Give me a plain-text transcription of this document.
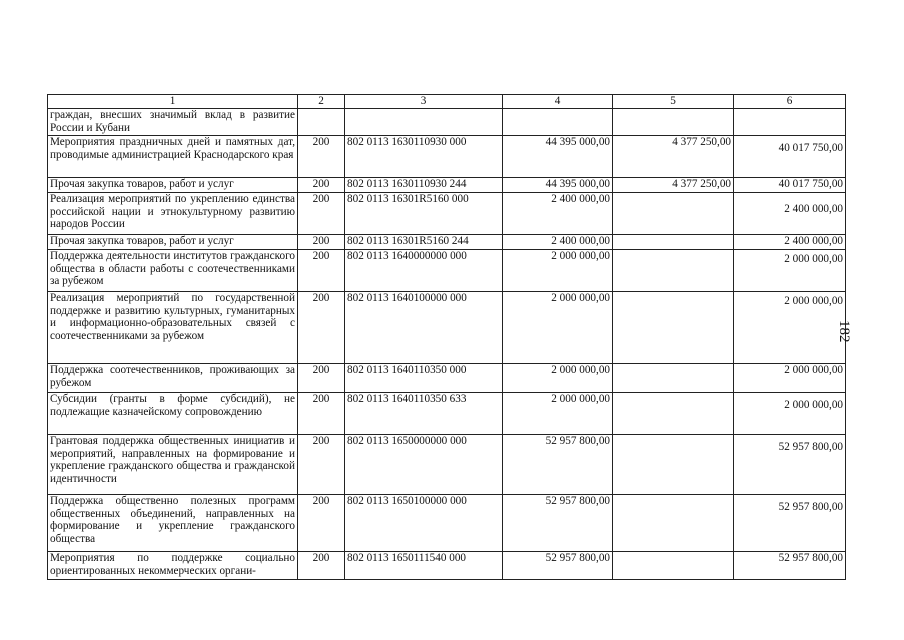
1	2	3	4	5	6
граждан, внесших значимый вклад в развитие России и Кубани					
Мероприятия праздничных дней и памятных дат, проводимые администрацией Краснодарского края	200	802 0113 1630110930 000	44 395 000,00	4 377 250,00	40 017 750,00
Прочая закупка товаров, работ и услуг	200	802 0113 1630110930 244	44 395 000,00	4 377 250,00	40 017 750,00
Реализация мероприятий по укреплению единства российской нации и этнокультурному развитию народов России	200	802 0113 16301R5160 000	2 400 000,00		2 400 000,00
Прочая закупка товаров, работ и услуг	200	802 0113 16301R5160 244	2 400 000,00		2 400 000,00
Поддержка деятельности институтов гражданского общества в области работы с соотечественниками за рубежом	200	802 0113 1640000000 000	2 000 000,00		2 000 000,00
Реализация мероприятий по государственной поддержке и развитию культурных, гуманитарных и информационно-образовательных связей с соотечественниками за рубежом	200	802 0113 1640100000 000	2 000 000,00		2 000 000,00
Поддержка соотечественников, проживающих за рубежом	200	802 0113 1640110350 000	2 000 000,00		2 000 000,00
Субсидии (гранты в форме субсидий), не подлежащие казначейскому сопровождению	200	802 0113 1640110350 633	2 000 000,00		2 000 000,00
Грантовая поддержка общественных инициатив и мероприятий, направленных на формирование и укрепление гражданского общества и гражданской идентичности	200	802 0113 1650000000 000	52 957 800,00		52 957 800,00
Поддержка общественно полезных программ общественных объединений, направленных на формирование и укрепление гражданского общества	200	802 0113 1650100000 000	52 957 800,00		52 957 800,00
Мероприятия по поддержке социально ориентированных некоммерческих органи-	200	802 0113 1650111540 000	52 957 800,00		52 957 800,00
182
